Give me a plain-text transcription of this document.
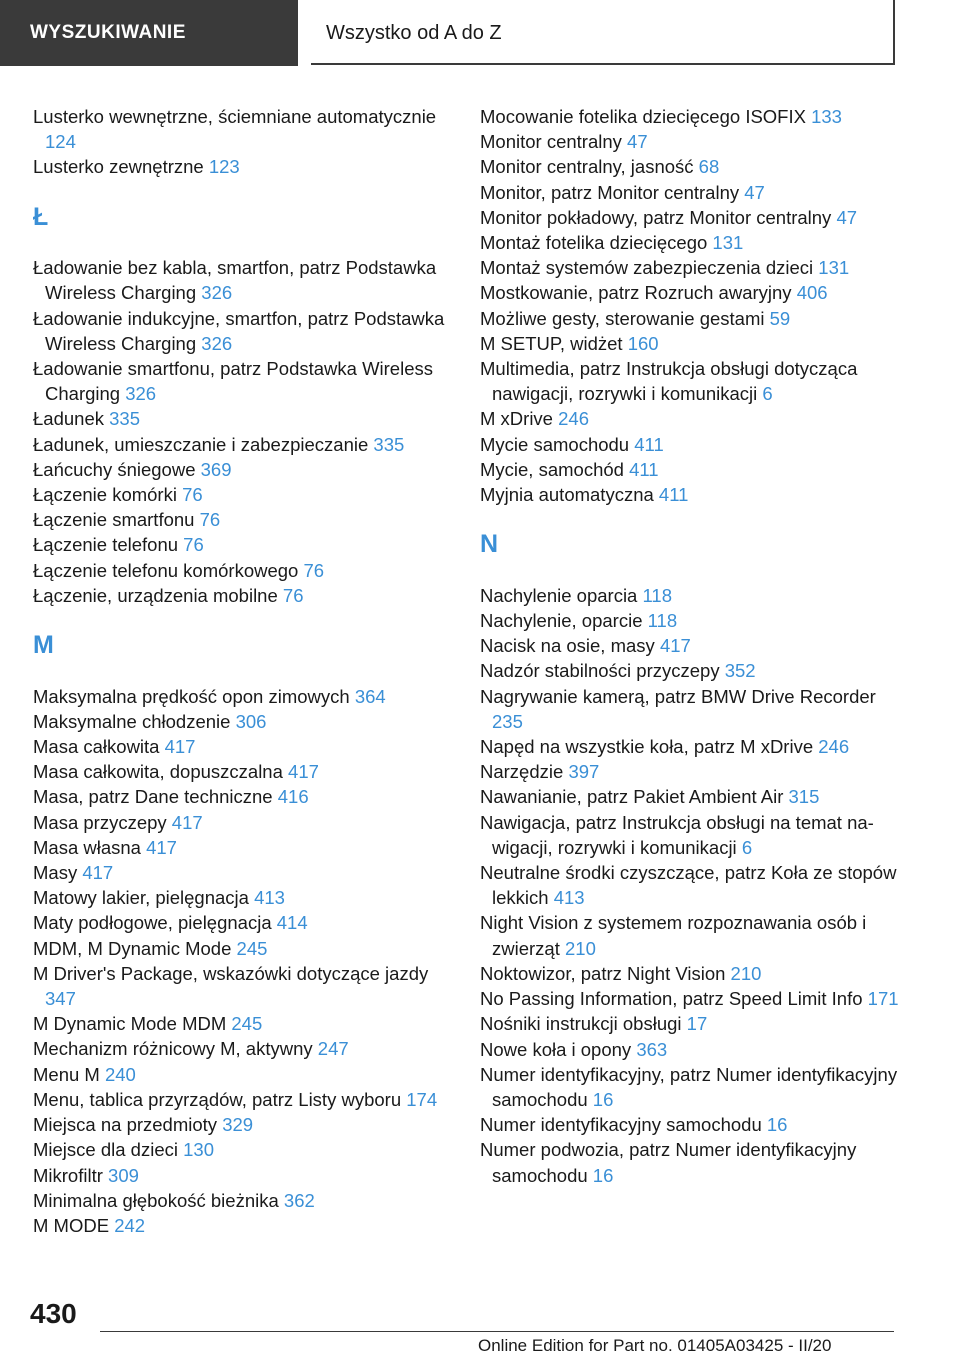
WYSZUKIWANIE	Wszystko od A do Z
Lusterko wewnętrzne, ściemniane automatycznie 124
Lusterko zewnętrzne 123
Ł
Ładowanie bez kabla, smartfon, patrz Podstawka Wireless Charging 326
Ładowanie indukcyjne, smartfon, patrz Podstawka Wireless Charging 326
Ładowanie smartfonu, patrz Podstawka Wireless Charging 326
Ładunek 335
Ładunek, umieszczanie i zabezpieczanie 335
Łańcuchy śniegowe 369
Łączenie komórki 76
Łączenie smartfonu 76
Łączenie telefonu 76
Łączenie telefonu komórkowego 76
Łączenie, urządzenia mobilne 76
M
Maksymalna prędkość opon zimowych 364
Maksymalne chłodzenie 306
Masa całkowita 417
Masa całkowita, dopuszczalna 417
Masa, patrz Dane techniczne 416
Masa przyczepy 417
Masa własna 417
Masy 417
Matowy lakier, pielęgnacja 413
Maty podłogowe, pielęgnacja 414
MDM, M Dynamic Mode 245
M Driver's Package, wskazówki dotyczące jazdy 347
M Dynamic Mode MDM 245
Mechanizm różnicowy M, aktywny 247
Menu M 240
Menu, tablica przyrządów, patrz Listy wyboru 174
Miejsca na przedmioty 329
Miejsce dla dzieci 130
Mikrofiltr 309
Minimalna głębokość bieżnika 362
M MODE 242
Mocowanie fotelika dziecięcego ISOFIX 133
Monitor centralny 47
Monitor centralny, jasność 68
Monitor, patrz Monitor centralny 47
Monitor pokładowy, patrz Monitor centralny 47
Montaż fotelika dziecięcego 131
Montaż systemów zabezpieczenia dzieci 131
Mostkowanie, patrz Rozruch awaryjny 406
Możliwe gesty, sterowanie gestami 59
M SETUP, widżet 160
Multimedia, patrz Instrukcja obsługi dotycząca nawigacji, rozrywki i komunikacji 6
M xDrive 246
Mycie samochodu 411
Mycie, samochód 411
Myjnia automatyczna 411
N
Nachylenie oparcia 118
Nachylenie, oparcie 118
Nacisk na osie, masy 417
Nadzór stabilności przyczepy 352
Nagrywanie kamerą, patrz BMW Drive Recorder 235
Napęd na wszystkie koła, patrz M xDrive 246
Narzędzie 397
Nawanianie, patrz Pakiet Ambient Air 315
Nawigacja, patrz Instrukcja obsługi na temat nawigacji, rozrywki i komunikacji 6
Neutralne środki czyszczące, patrz Koła ze stopów lekkich 413
Night Vision z systemem rozpoznawania osób i zwierząt 210
Noktowizor, patrz Night Vision 210
No Passing Information, patrz Speed Limit Info 171
Nośniki instrukcji obsługi 17
Nowe koła i opony 363
Numer identyfikacyjny, patrz Numer identyfikacyjny samochodu 16
Numer identyfikacyjny samochodu 16
Numer podwozia, patrz Numer identyfikacyjny samochodu 16
430
Online Edition for Part no. 01405A03425 - II/20
